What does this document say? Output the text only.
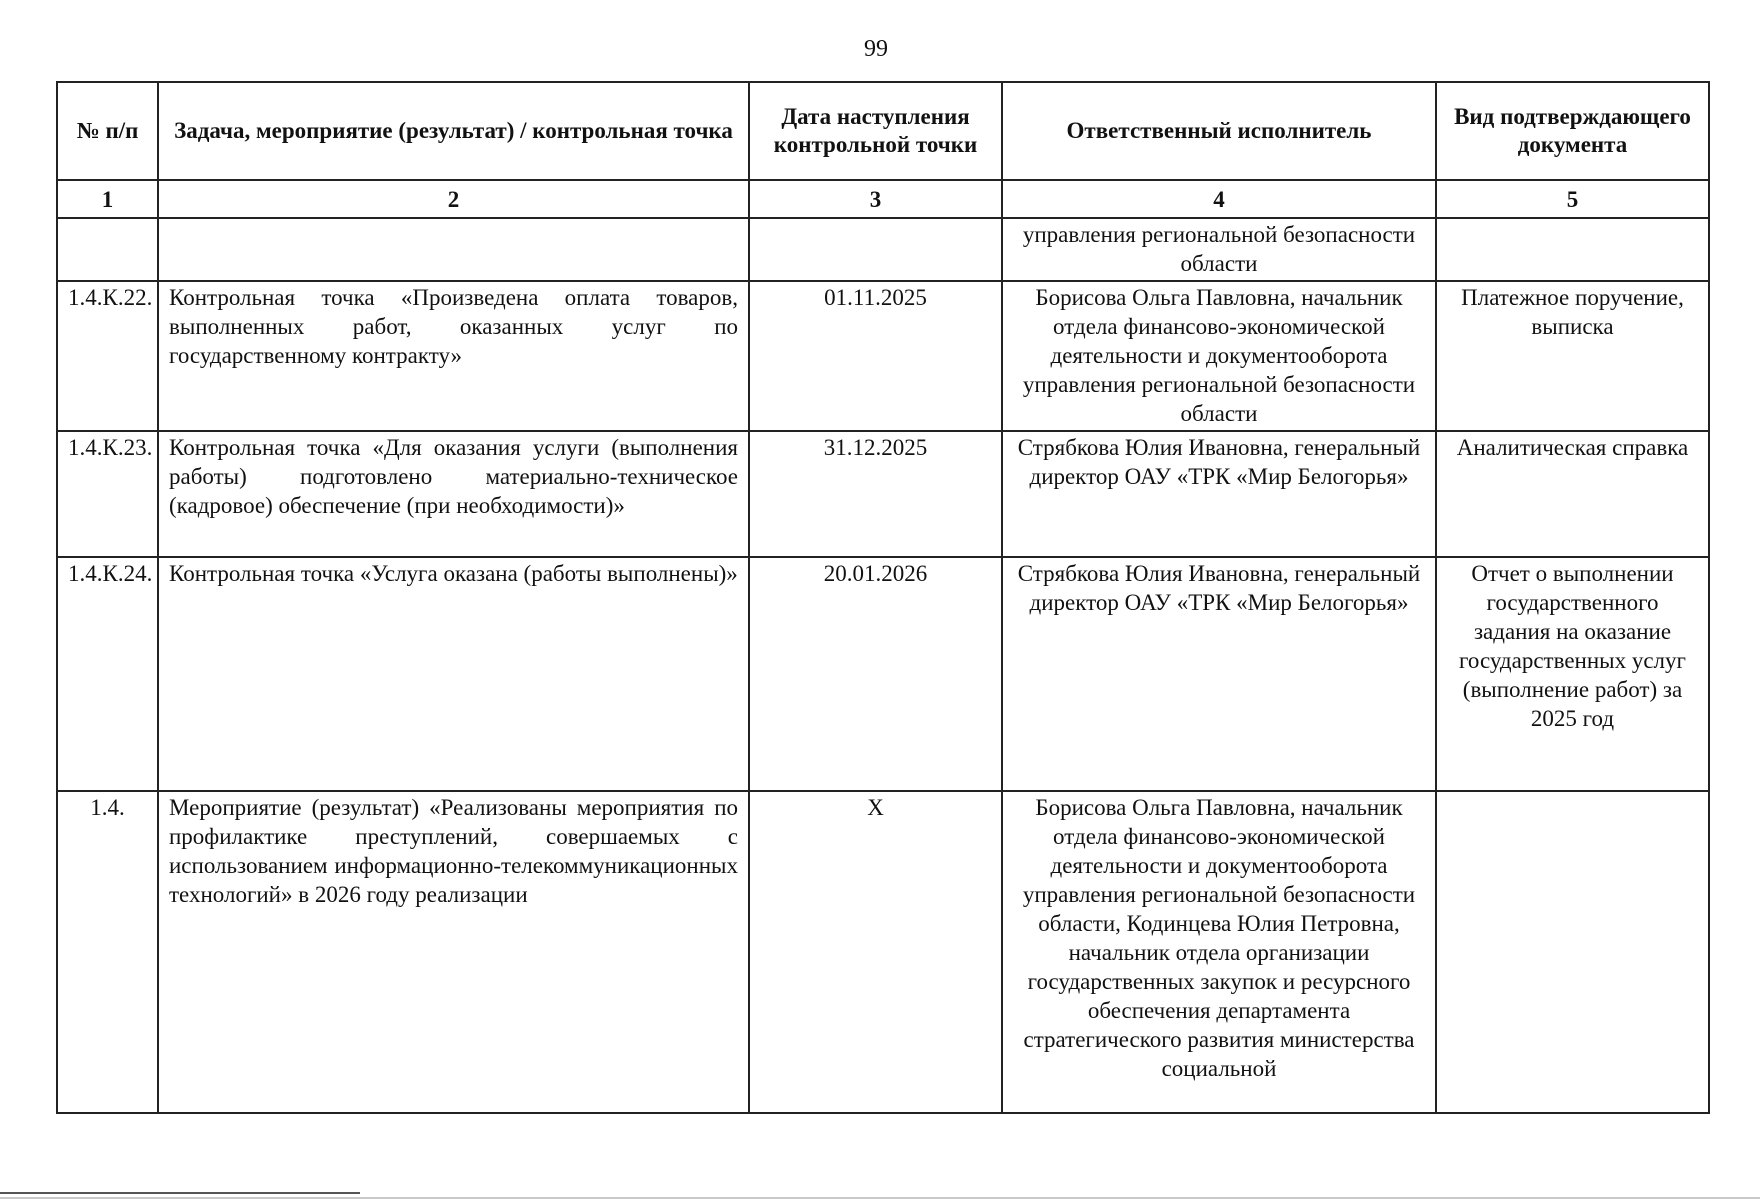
99
№ п/п	Задача, мероприятие (результат) / контрольная точка	Дата наступления контрольной точки	Ответственный исполнитель	Вид подтверждающего документа
1	2	3	4	5
			управления региональной безопасности области	
1.4.К.22.	Контрольная точка «Произведена оплата товаров, выполненных работ, оказанных услуг по государственному контракту»	01.11.2025	Борисова Ольга Павловна, начальник отдела финансово-экономической деятельности и документооборота управления региональной безопасности области	Платежное поручение, выписка
1.4.К.23.	Контрольная точка «Для оказания услуги (выполнения работы) подготовлено материально-техническое (кадровое) обеспечение (при необходимости)»	31.12.2025	Стрябкова Юлия Ивановна, генеральный директор ОАУ «ТРК «Мир Белогорья»	Аналитическая справка
1.4.К.24.	Контрольная точка «Услуга оказана (работы выполнены)»	20.01.2026	Стрябкова Юлия Ивановна, генеральный директор ОАУ «ТРК «Мир Белогорья»	Отчет о выполнении государственного задания на оказание государственных услуг (выполнение работ) за 2025 год
1.4.	Мероприятие (результат) «Реализованы мероприятия по профилактике преступлений, совершаемых с использованием информационно-телекоммуникационных технологий» в 2026 году реализации	Х	Борисова Ольга Павловна, начальник отдела финансово-экономической деятельности и документооборота управления региональной безопасности области, Кодинцева Юлия Петровна, начальник отдела организации государственных закупок и ресурсного обеспечения департамента стратегического развития министерства социальной	
